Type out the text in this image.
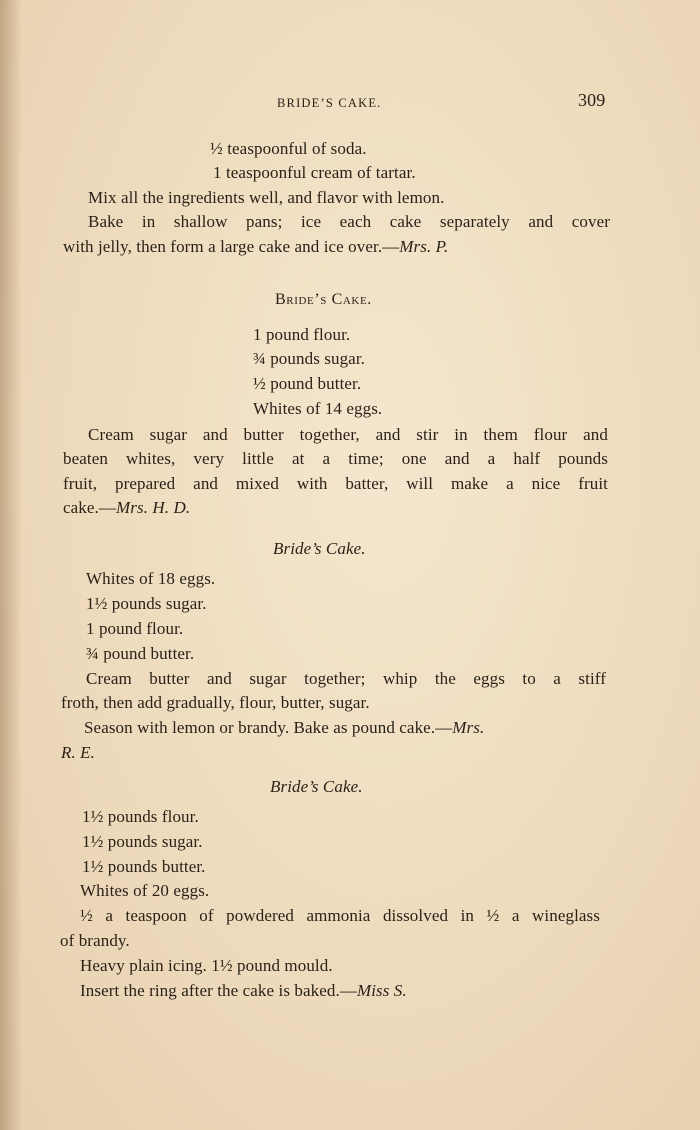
BRIDE’S CAKE.	309
½ teaspoonful of soda.
1 teaspoonful cream of tartar.
Mix all the ingredients well, and flavor with lemon.
Bake in shallow pans; ice each cake separately and cover
with jelly, then form a large cake and ice over.—Mrs. P.
Bride’s Cake.
1 pound flour.
¾ pounds sugar.
½ pound butter.
Whites of 14 eggs.
Cream sugar and butter together, and stir in them flour and
beaten whites, very little at a time; one and a half pounds
fruit, prepared and mixed with batter, will make a nice fruit
cake.—Mrs. H. D.
Bride’s Cake.
Whites of 18 eggs.
1½ pounds sugar.
1 pound flour.
¾ pound butter.
Cream butter and sugar together; whip the eggs to a stiff
froth, then add gradually, flour, butter, sugar.
Season with lemon or brandy. Bake as pound cake.—Mrs.
R. E.
Bride’s Cake.
1½ pounds flour.
1½ pounds sugar.
1½ pounds butter.
Whites of 20 eggs.
½ a teaspoon of powdered ammonia dissolved in ½ a wineglass
of brandy.
Heavy plain icing. 1½ pound mould.
Insert the ring after the cake is baked.—Miss S.
